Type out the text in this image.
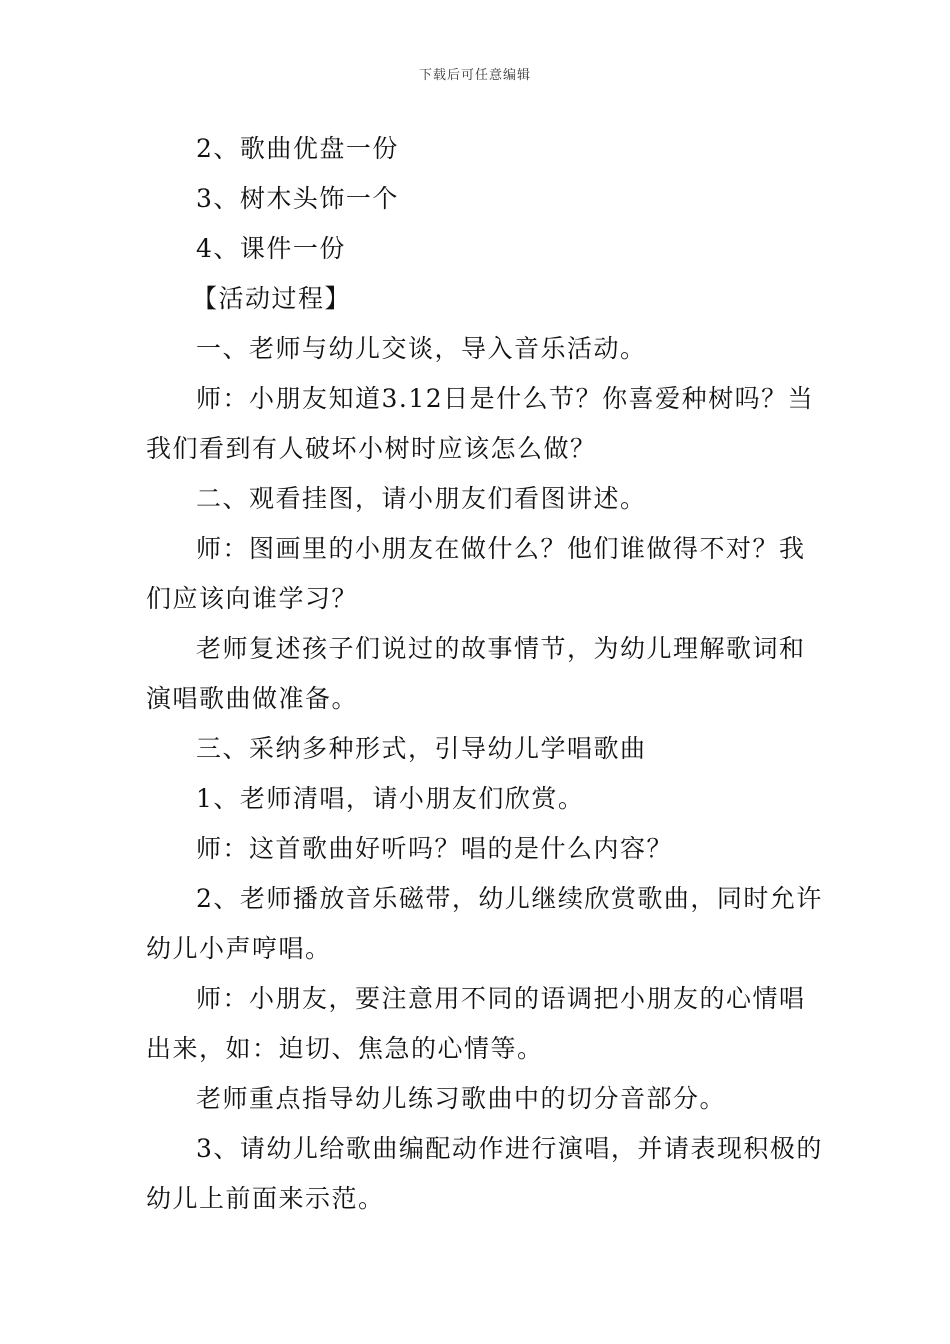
下载后可任意编辑

2、歌曲优盘一份

3、树木头饰一个

4、课件一份

【活动过程】

一、老师与幼儿交谈，导入音乐活动。

师：小朋友知道3.12日是什么节？你喜爱种树吗？当

我们看到有人破坏小树时应该怎么做？

二、观看挂图，请小朋友们看图讲述。

师：图画里的小朋友在做什么？他们谁做得不对？我

们应该向谁学习？

老师复述孩子们说过的故事情节，为幼儿理解歌词和

演唱歌曲做准备。

三、采纳多种形式，引导幼儿学唱歌曲

1、老师清唱，请小朋友们欣赏。

师：这首歌曲好听吗？唱的是什么内容？

2、老师播放音乐磁带，幼儿继续欣赏歌曲，同时允许

幼儿小声哼唱。

师：小朋友，要注意用不同的语调把小朋友的心情唱

出来，如：迫切、焦急的心情等。

老师重点指导幼儿练习歌曲中的切分音部分。

3、请幼儿给歌曲编配动作进行演唱，并请表现积极的

幼儿上前面来示范。
